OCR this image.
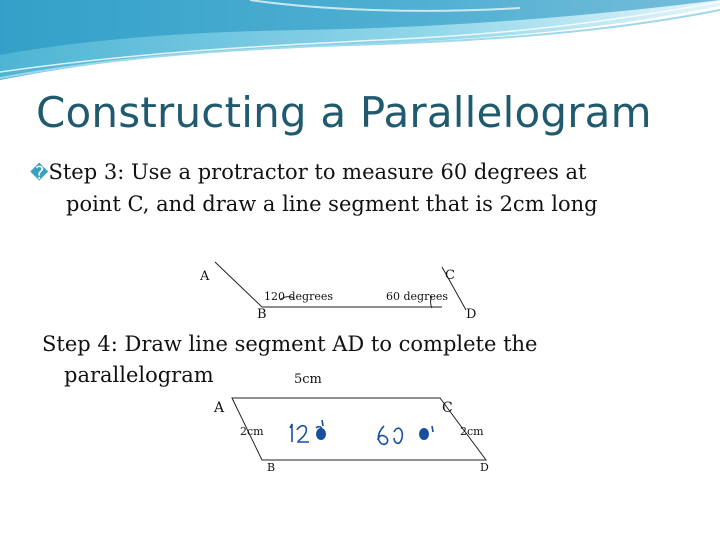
Constructing a Parallelogram
�Step 3: Use a protractor to measure 60 degrees at
point C, and draw a line segment that is 2cm long
A	C
B	D
120 degrees	60 degrees
Step 4: Draw line segment AD to complete the
parallelogram	5cm
A	C
2cm	2cm
B	D
